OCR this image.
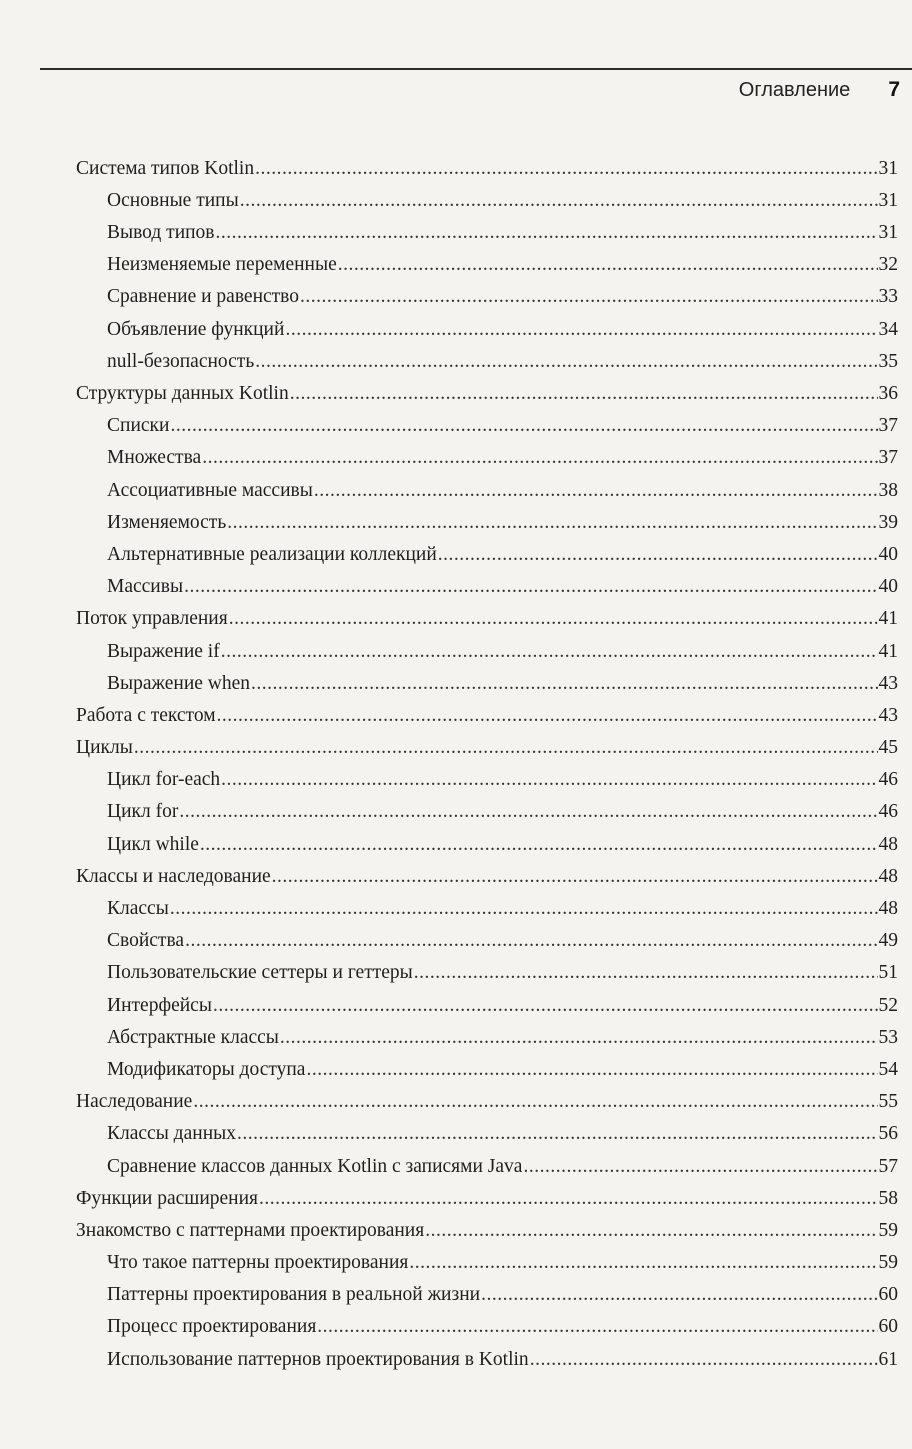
Оглавление 7
Система типов Kotlin .....	31
Основные типы .....	31
Вывод типов .....	31
Неизменяемые переменные .....	32
Сравнение и равенство .....	33
Объявление функций .....	34
null-безопасность .....	35
Структуры данных Kotlin .....	36
Списки .....	37
Множества .....	37
Ассоциативные массивы .....	38
Изменяемость .....	39
Альтернативные реализации коллекций .....	40
Массивы .....	40
Поток управления .....	41
Выражение if .....	41
Выражение when .....	43
Работа с текстом .....	43
Циклы .....	45
Цикл for-each .....	46
Цикл for .....	46
Цикл while .....	48
Классы и наследование .....	48
Классы .....	48
Свойства .....	49
Пользовательские сеттеры и геттеры .....	51
Интерфейсы .....	52
Абстрактные классы .....	53
Модификаторы доступа .....	54
Наследование .....	55
Классы данных .....	56
Сравнение классов данных Kotlin с записями Java .....	57
Функции расширения .....	58
Знакомство с паттернами проектирования .....	59
Что такое паттерны проектирования .....	59
Паттерны проектирования в реальной жизни .....	60
Процесс проектирования .....	60
Использование паттернов проектирования в Kotlin .....	61
